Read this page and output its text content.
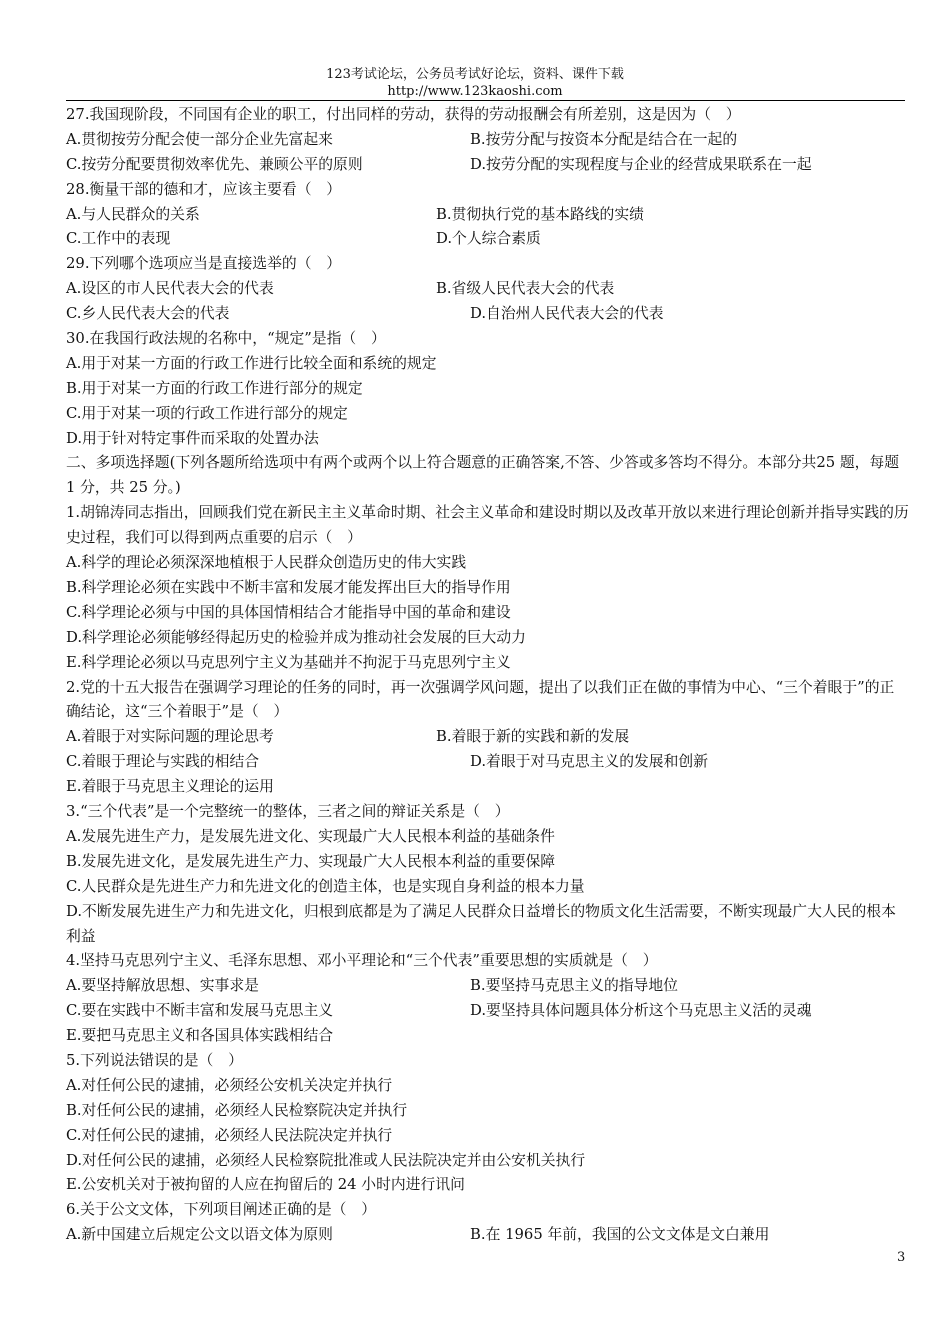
123考试论坛，公务员考试好论坛，资料、课件下载
http://www.123kaoshi.com
27.我国现阶段，不同国有企业的职工，付出同样的劳动，获得的劳动报酬会有所差别，这是因为（　）
A.贯彻按劳分配会使一部分企业先富起来	B.按劳分配与按资本分配是结合在一起的
C.按劳分配要贯彻效率优先、兼顾公平的原则	D.按劳分配的实现程度与企业的经营成果联系在一起
28.衡量干部的德和才，应该主要看（　）
A.与人民群众的关系	B.贯彻执行党的基本路线的实绩
C.工作中的表现	D.个人综合素质
29.下列哪个选项应当是直接选举的（　）
A.设区的市人民代表大会的代表	B.省级人民代表大会的代表
C.乡人民代表大会的代表	D.自治州人民代表大会的代表
30.在我国行政法规的名称中，“规定”是指（　）
A.用于对某一方面的行政工作进行比较全面和系统的规定
B.用于对某一方面的行政工作进行部分的规定
C.用于对某一项的行政工作进行部分的规定
D.用于针对特定事件而采取的处置办法
二、多项选择题(下列各题所给选项中有两个或两个以上符合题意的正确答案,不答、少答或多答均不得分。本部分共25 题，每题 1 分，共 25 分。)
1.胡锦涛同志指出，回顾我们党在新民主主义革命时期、社会主义革命和建设时期以及改革开放以来进行理论创新并指导实践的历史过程，我们可以得到两点重要的启示（　）
A.科学的理论必须深深地植根于人民群众创造历史的伟大实践
B.科学理论必须在实践中不断丰富和发展才能发挥出巨大的指导作用
C.科学理论必须与中国的具体国情相结合才能指导中国的革命和建设
D.科学理论必须能够经得起历史的检验并成为推动社会发展的巨大动力
E.科学理论必须以马克思列宁主义为基础并不拘泥于马克思列宁主义
2.党的十五大报告在强调学习理论的任务的同时，再一次强调学风问题，提出了以我们正在做的事情为中心、“三个着眼于”的正确结论，这“三个着眼于”是（　）
A.着眼于对实际问题的理论思考	B.着眼于新的实践和新的发展
C.着眼于理论与实践的相结合	D.着眼于对马克思主义的发展和创新
E.着眼于马克思主义理论的运用
3.“三个代表”是一个完整统一的整体，三者之间的辩证关系是（　）
A.发展先进生产力，是发展先进文化、实现最广大人民根本利益的基础条件
B.发展先进文化，是发展先进生产力、实现最广大人民根本利益的重要保障
C.人民群众是先进生产力和先进文化的创造主体，也是实现自身利益的根本力量
D.不断发展先进生产力和先进文化，归根到底都是为了满足人民群众日益增长的物质文化生活需要，不断实现最广大人民的根本利益
4.坚持马克思列宁主义、毛泽东思想、邓小平理论和“三个代表”重要思想的实质就是（　）
A.要坚持解放思想、实事求是	B.要坚持马克思主义的指导地位
C.要在实践中不断丰富和发展马克思主义	D.要坚持具体问题具体分析这个马克思主义活的灵魂
E.要把马克思主义和各国具体实践相结合
5.下列说法错误的是（　）
A.对任何公民的逮捕，必须经公安机关决定并执行
B.对任何公民的逮捕，必须经人民检察院决定并执行
C.对任何公民的逮捕，必须经人民法院决定并执行
D.对任何公民的逮捕，必须经人民检察院批准或人民法院决定并由公安机关执行
E.公安机关对于被拘留的人应在拘留后的 24 小时内进行讯问
6.关于公文文体，下列项目阐述正确的是（　）
A.新中国建立后规定公文以语文体为原则	B.在 1965 年前，我国的公文文体是文白兼用
3
